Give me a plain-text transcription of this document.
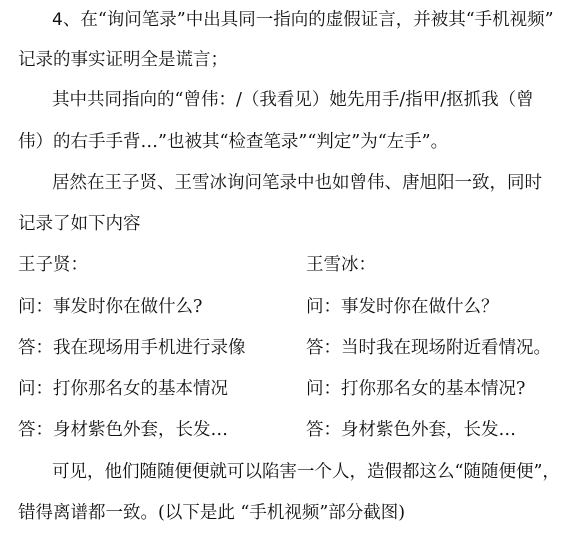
4、在“询问笔录”中出具同一指向的虚假证言，并被其“手机视频”
记录的事实证明全是谎言；
其中共同指向的“曾伟：/（我看见）她先用手/指甲/抠抓我（曾
伟）的右手手背…”也被其“检查笔录”“判定”为“左手”。
居然在王子贤、王雪冰询问笔录中也如曾伟、唐旭阳一致，同时
记录了如下内容
王子贤：	王雪冰：
问：事发时你在做什么?	问：事发时你在做什么？
答：我在现场用手机进行录像	答：当时我在现场附近看情况。
问：打你那名女的基本情况	问：打你那名女的基本情况?
答：身材紫色外套，长发…	答：身材紫色外套，长发…
可见，他们随随便便就可以陷害一个人，造假都这么“随随便便”，
错得离谱都一致。(以下是此 “手机视频”部分截图)
